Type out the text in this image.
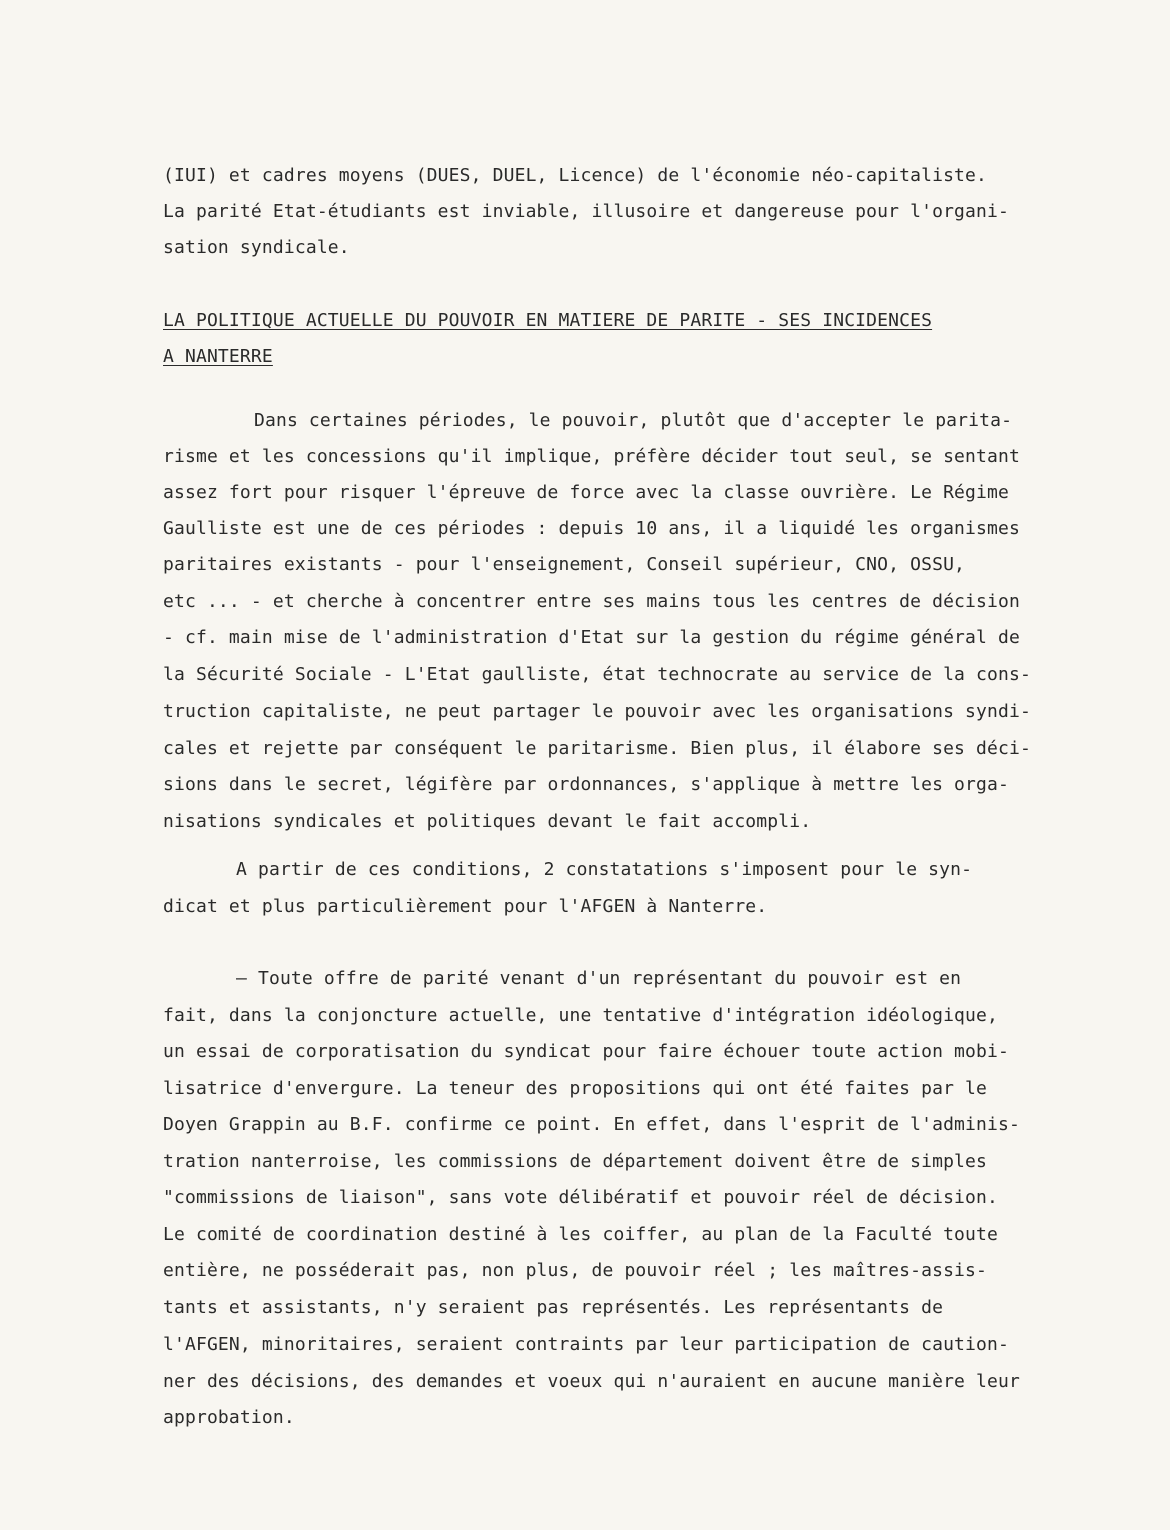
(IUI) et cadres moyens (DUES, DUEL, Licence) de l'économie néo-capitaliste.
La parité Etat-étudiants est inviable, illusoire et dangereuse pour l'organi-
sation syndicale.
LA POLITIQUE ACTUELLE DU POUVOIR EN MATIERE DE PARITE - SES INCIDENCES
A NANTERRE
Dans certaines périodes, le pouvoir, plutôt que d'accepter le parita-
risme et les concessions qu'il implique, préfère décider tout seul, se sentant
assez fort pour risquer l'épreuve de force avec la classe ouvrière. Le Régime
Gaulliste est une de ces périodes : depuis 10 ans, il a liquidé les organismes
paritaires existants - pour l'enseignement, Conseil supérieur, CNO, OSSU,
etc ... - et cherche à concentrer entre ses mains tous les centres de décision
- cf. main mise de l'administration d'Etat sur la gestion du régime général de
la Sécurité Sociale - L'Etat gaulliste, état technocrate au service de la cons-
truction capitaliste, ne peut partager le pouvoir avec les organisations syndi-
cales et rejette par conséquent le paritarisme. Bien plus, il élabore ses déci-
sions dans le secret, légifère par ordonnances, s'applique à mettre les orga-
nisations syndicales et politiques devant le fait accompli.
A partir de ces conditions, 2 constatations s'imposent pour le syn-
dicat et plus particulièrement pour l'AFGEN à Nanterre.
— Toute offre de parité venant d'un représentant du pouvoir est en
fait, dans la conjoncture actuelle, une tentative d'intégration idéologique,
un essai de corporatisation du syndicat pour faire échouer toute action mobi-
lisatrice d'envergure. La teneur des propositions qui ont été faites par le
Doyen Grappin au B.F. confirme ce point. En effet, dans l'esprit de l'adminis-
tration nanterroise, les commissions de département doivent être de simples
"commissions de liaison", sans vote délibératif et pouvoir réel de décision.
Le comité de coordination destiné à les coiffer, au plan de la Faculté toute
entière, ne posséderait pas, non plus, de pouvoir réel ; les maîtres-assis-
tants et assistants, n'y seraient pas représentés. Les représentants de
l'AFGEN, minoritaires, seraient contraints par leur participation de caution-
ner des décisions, des demandes et voeux qui n'auraient en aucune manière leur
approbation.
